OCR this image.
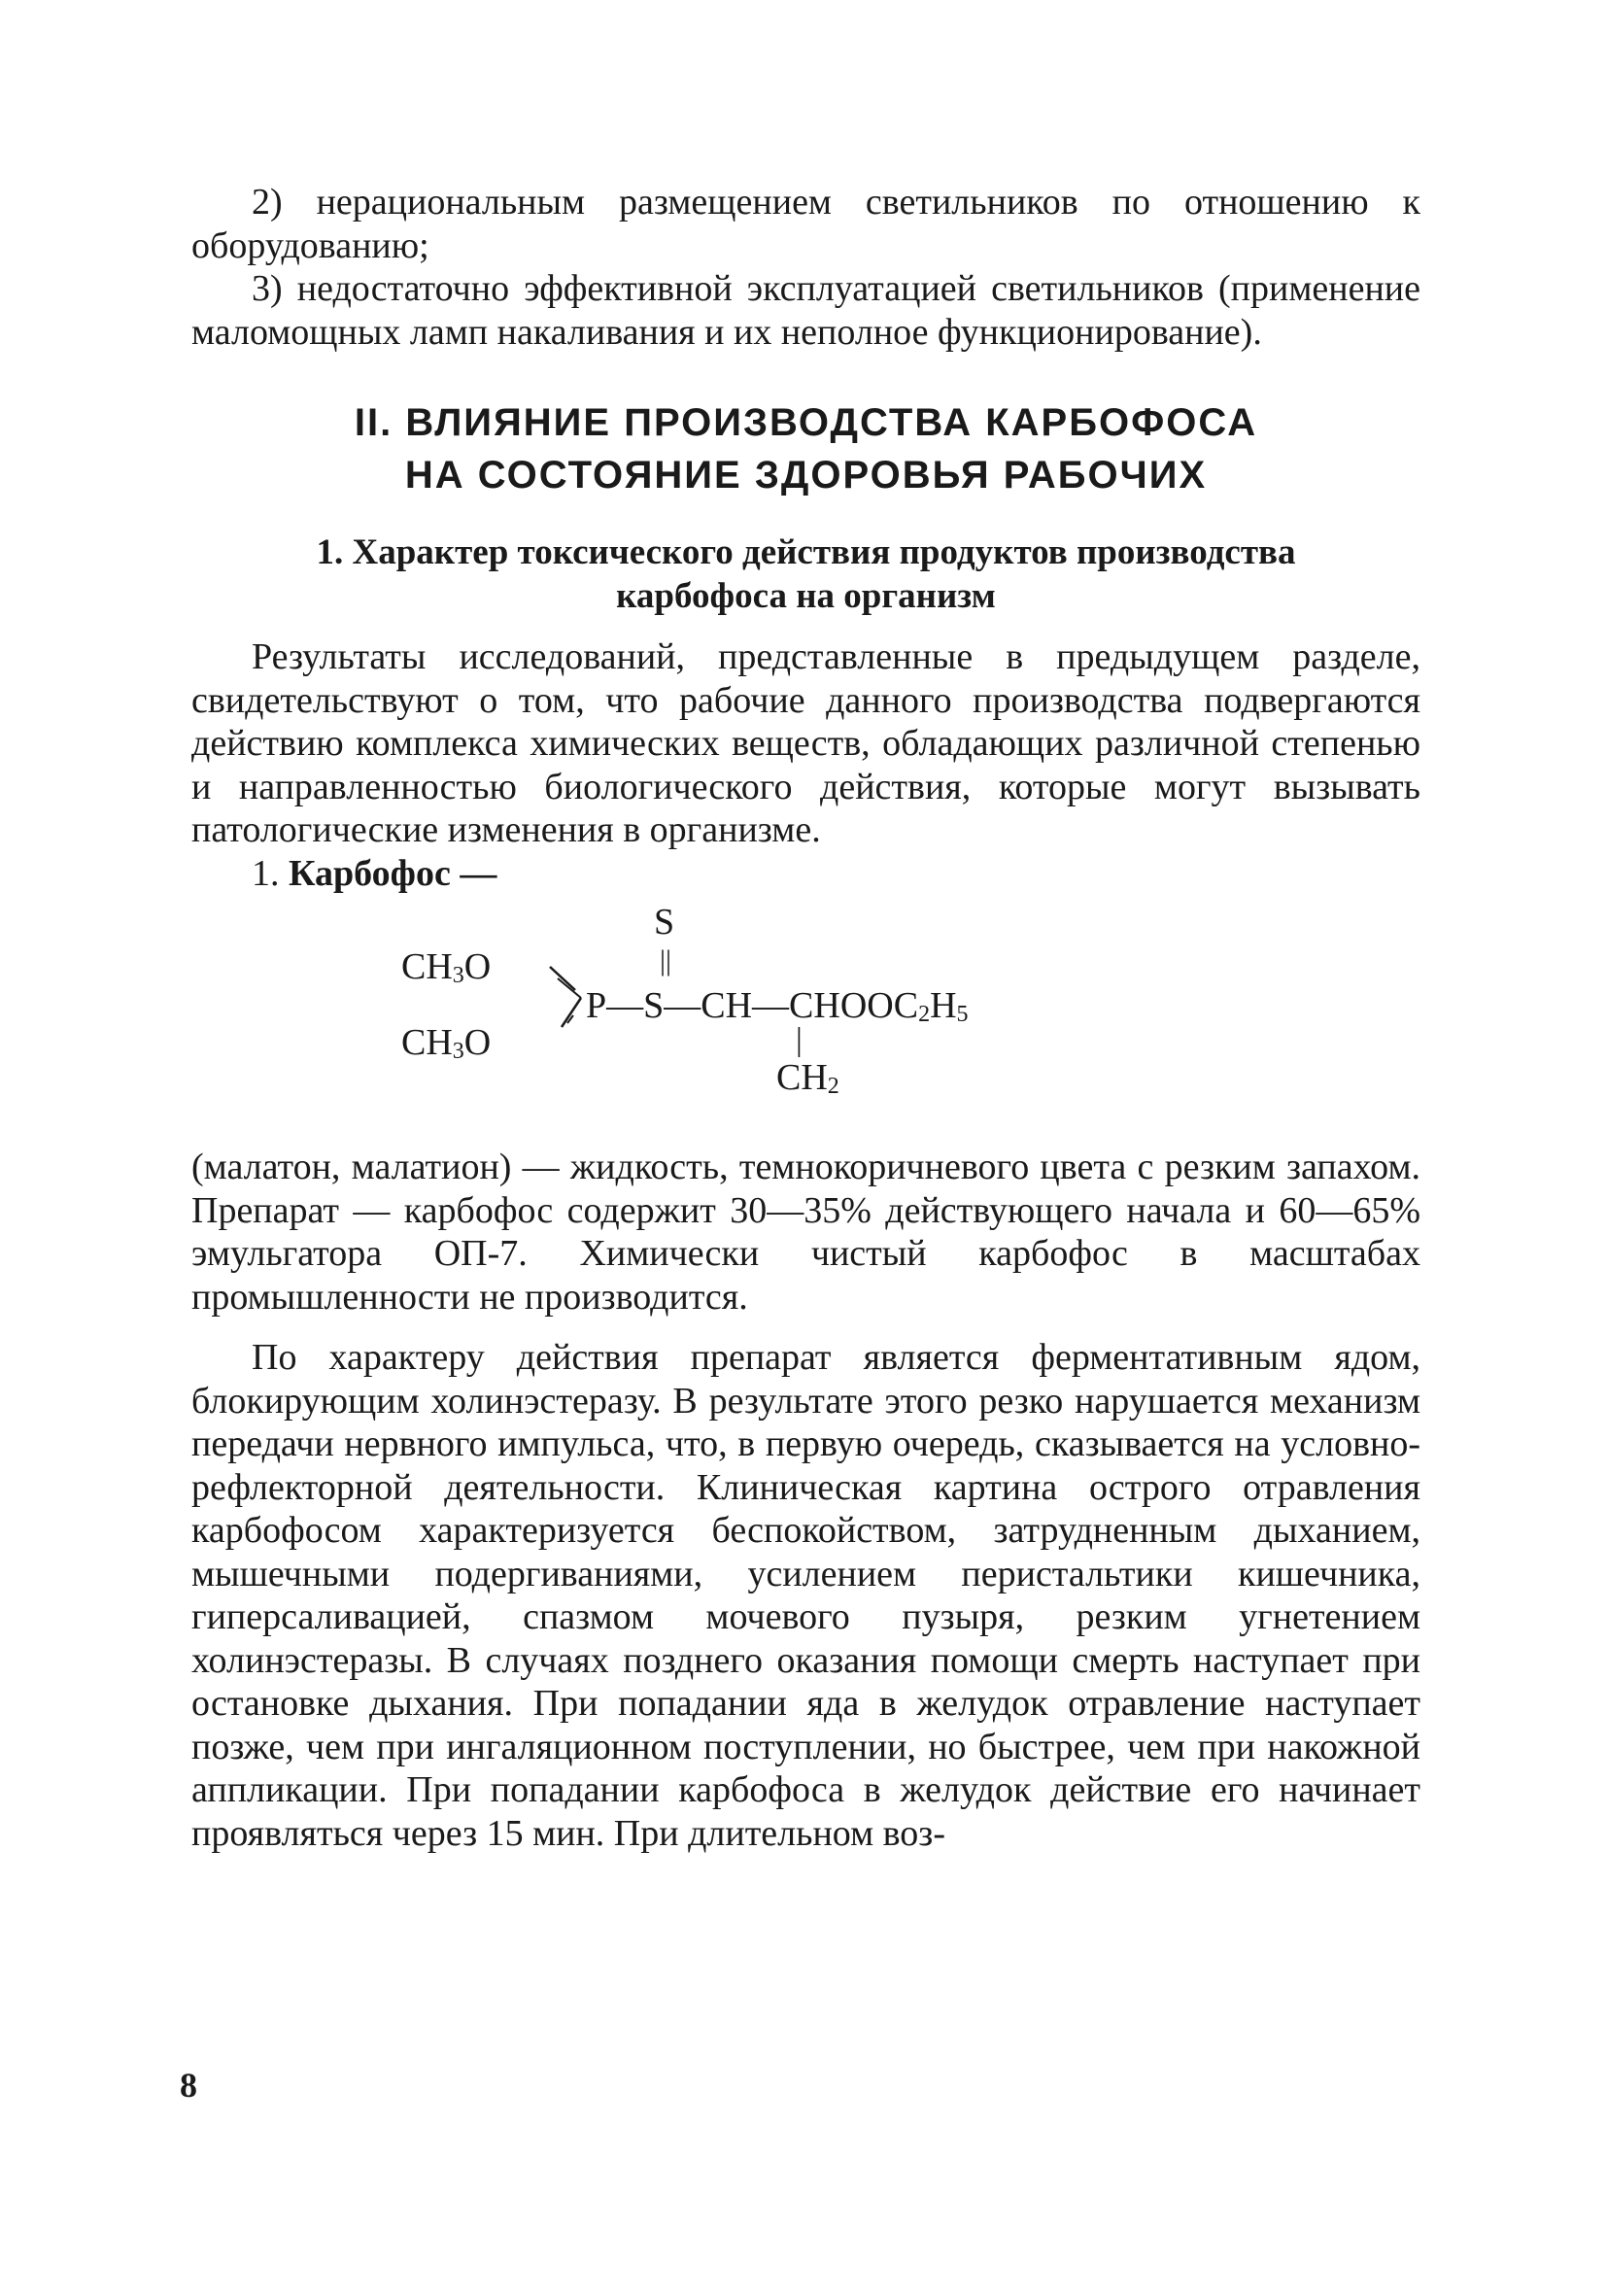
2) нерациональным размещением светильников по отношению к оборудованию;

3) недостаточно эффективной эксплуатацией светильников (применение маломощных ламп накаливания и их неполное функционирование).

II. ВЛИЯНИЕ ПРОИЗВОДСТВА КАРБОФОСА
НА СОСТОЯНИЕ ЗДОРОВЬЯ РАБОЧИХ
1. Характер токсического действия продуктов производства
карбофоса на организм

Результаты исследований, представленные в предыдущем разделе, свидетельствуют о том, что рабочие данного производства подвергаются действию комплекса химических веществ, обладающих различной степенью и направленностью биологического действия, которые могут вызывать патологические изменения в организме.

1. Карбофос —

S
||
$CH_3O$
$CH_3O$
$P—S—CH—CHOOC_2H_5$
|
$CH_2$

(малатон, малатион) — жидкость, темнокоричневого цвета с резким запахом. Препарат — карбофос содержит 30—35% действующего начала и 60—65% эмульгатора ОП-7. Химически чистый карбофос в масштабах промышленности не производится.

По характеру действия препарат является ферментативным ядом, блокирующим холинэстеразу. В результате этого резко нарушается механизм передачи нервного импульса, что, в первую очередь, сказывается на условно-рефлекторной деятельности. Клиническая картина острого отравления карбофосом характеризуется беспокойством, затрудненным дыханием, мышечными подергиваниями, усилением перистальтики кишечника, гиперсаливацией, спазмом мочевого пузыря, резким угнетением холинэстеразы. В случаях позднего оказания помощи смерть наступает при остановке дыхания. При попадании яда в желудок отравление наступает позже, чем при ингаляционном поступлении, но быстрее, чем при накожной аппликации. При попадании карбофоса в желудок действие его начинает проявляться через 15 мин. При длительном воз-

8
